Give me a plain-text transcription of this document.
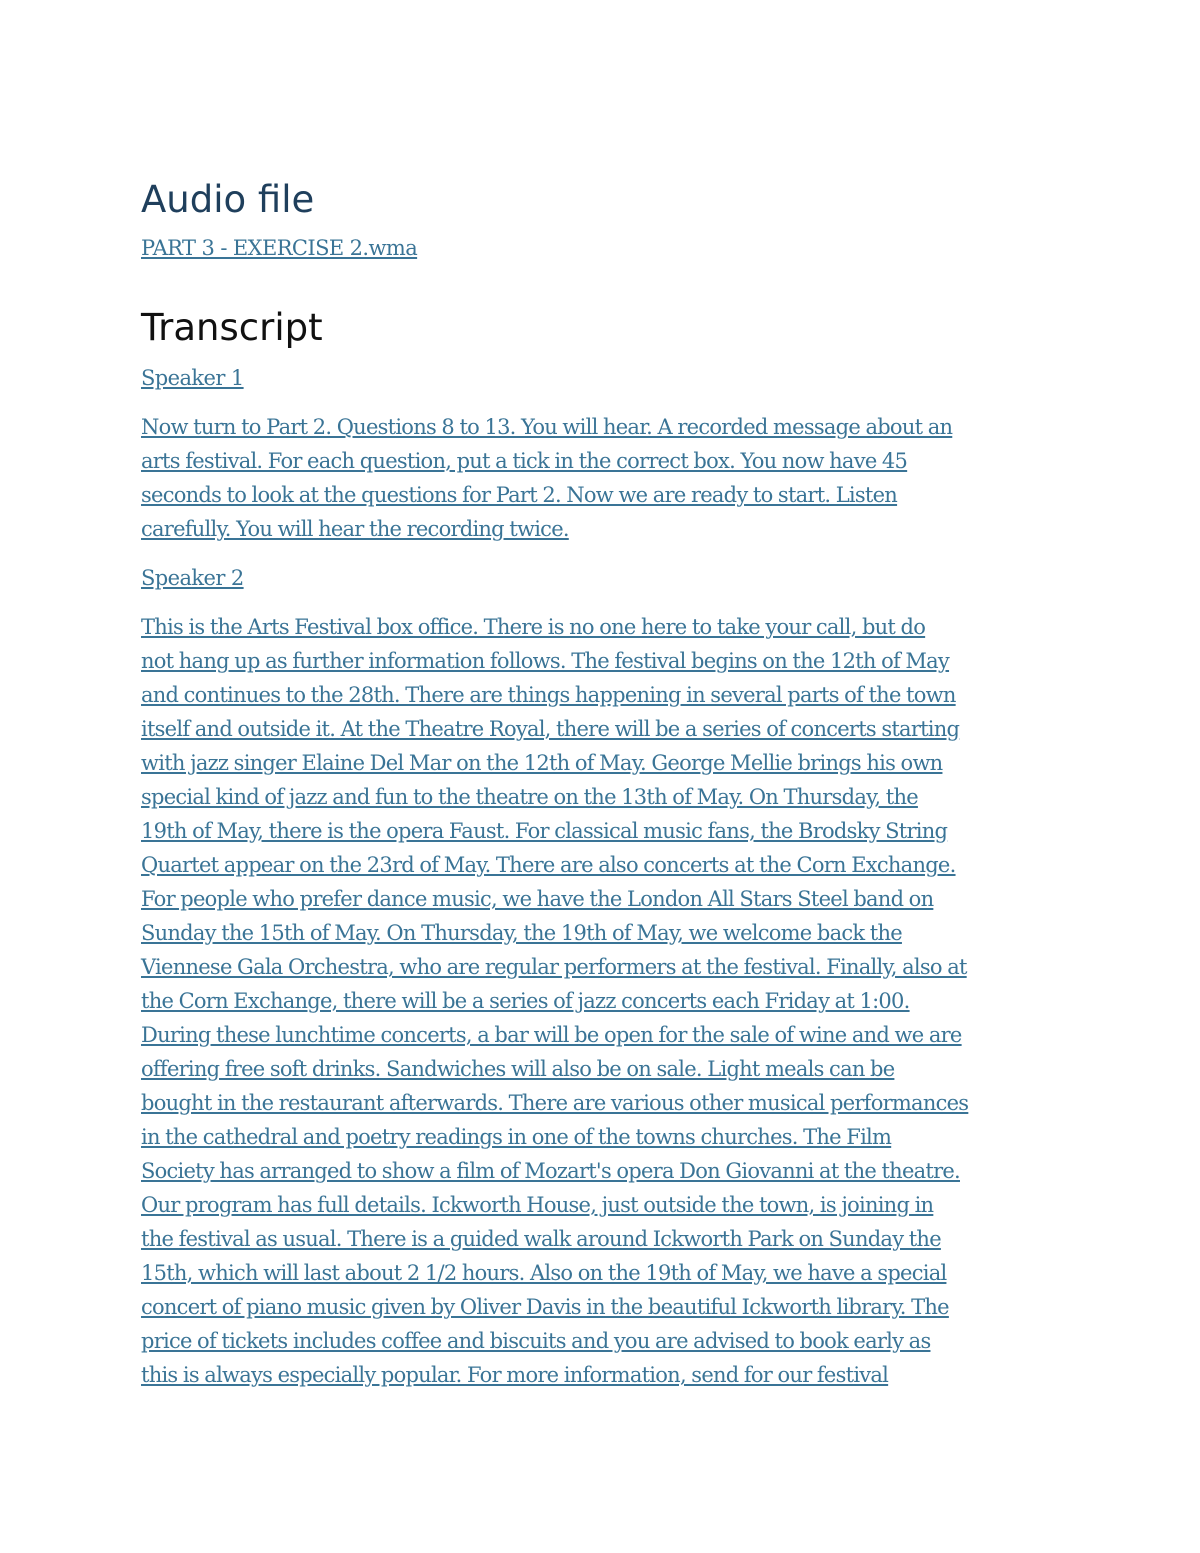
Audio file
PART 3 - EXERCISE 2.wma
Transcript
Speaker 1

Now turn to Part 2. Questions 8 to 13. You will hear. A recorded message about an
arts festival. For each question, put a tick in the correct box. You now have 45
seconds to look at the questions for Part 2. Now we are ready to start. Listen
carefully. You will hear the recording twice.

Speaker 2

This is the Arts Festival box office. There is no one here to take your call, but do
not hang up as further information follows. The festival begins on the 12th of May
and continues to the 28th. There are things happening in several parts of the town
itself and outside it. At the Theatre Royal, there will be a series of concerts starting
with jazz singer Elaine Del Mar on the 12th of May. George Mellie brings his own
special kind of jazz and fun to the theatre on the 13th of May. On Thursday, the
19th of May, there is the opera Faust. For classical music fans, the Brodsky String
Quartet appear on the 23rd of May. There are also concerts at the Corn Exchange.
For people who prefer dance music, we have the London All Stars Steel band on
Sunday the 15th of May. On Thursday, the 19th of May, we welcome back the
Viennese Gala Orchestra, who are regular performers at the festival. Finally, also at
the Corn Exchange, there will be a series of jazz concerts each Friday at 1:00.
During these lunchtime concerts, a bar will be open for the sale of wine and we are
offering free soft drinks. Sandwiches will also be on sale. Light meals can be
bought in the restaurant afterwards. There are various other musical performances
in the cathedral and poetry readings in one of the towns churches. The Film
Society has arranged to show a film of Mozart's opera Don Giovanni at the theatre.
Our program has full details. Ickworth House, just outside the town, is joining in
the festival as usual. There is a guided walk around Ickworth Park on Sunday the
15th, which will last about 2 1/2 hours. Also on the 19th of May, we have a special
concert of piano music given by Oliver Davis in the beautiful Ickworth library. The
price of tickets includes coffee and biscuits and you are advised to book early as
this is always especially popular. For more information, send for our festival
